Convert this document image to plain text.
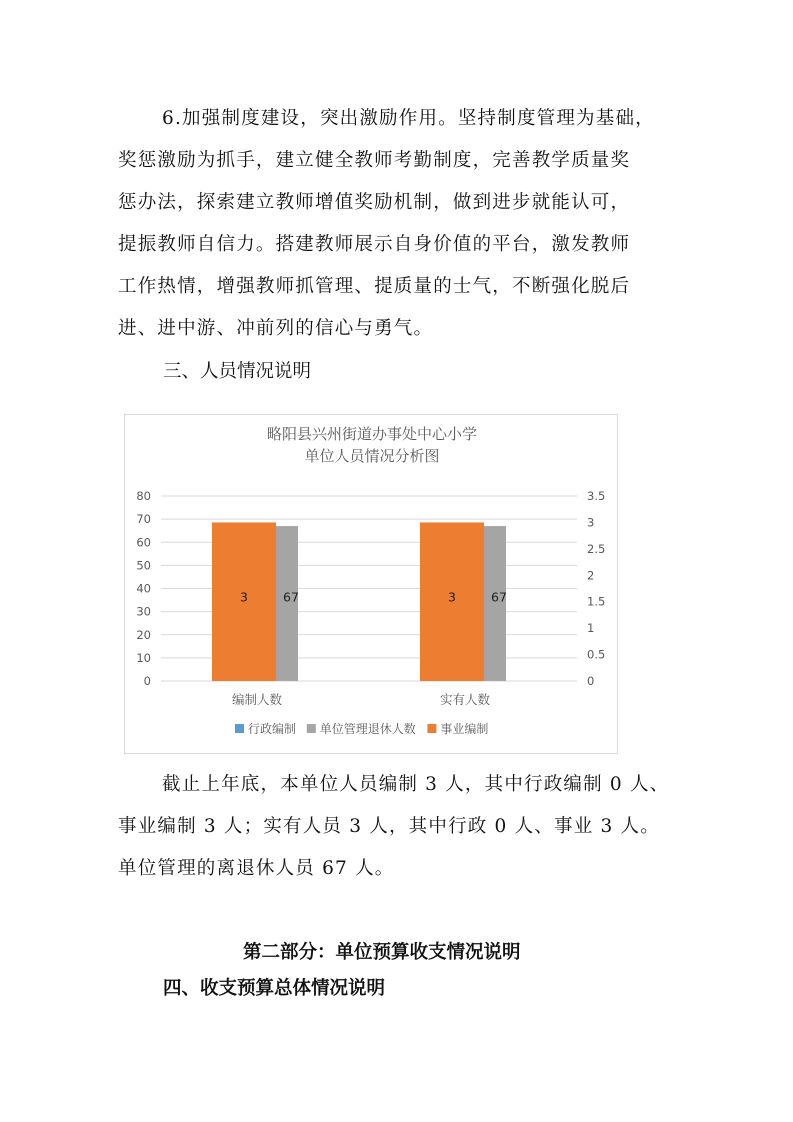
6.加强制度建设，突出激励作用。坚持制度管理为基础，
奖惩激励为抓手，建立健全教师考勤制度，完善教学质量奖
惩办法，探索建立教师增值奖励机制，做到进步就能认可，
提振教师自信力。搭建教师展示自身价值的平台，激发教师
工作热情，增强教师抓管理、提质量的士气，不断强化脱后
进、进中游、冲前列的信心与勇气。
三、人员情况说明
略阳县兴州街道办事处中心小学
单位人员情况分析图
0
10
20
30
40
50
60
70
80
0
0.5
1
1.5
2
2.5
3
3.5
3	67
编制人数
3	67
实有人数
行政编制 单位管理退休人数 事业编制
截止上年底，本单位人员编制 3 人，其中行政编制 0 人、
事业编制 3 人；实有人员 3 人，其中行政 0 人、事业 3 人。
单位管理的离退休人员 67 人。
第二部分：单位预算收支情况说明
四、收支预算总体情况说明
